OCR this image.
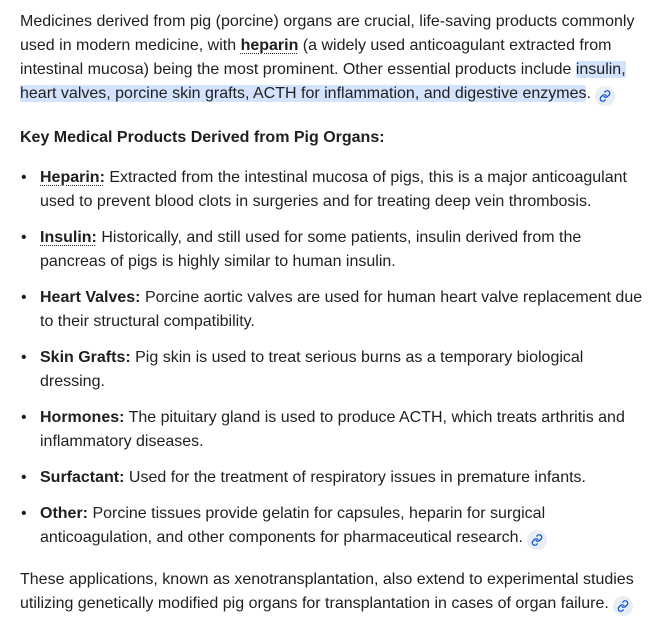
Medicines derived from pig (porcine) organs are crucial, life-saving products commonly used in modern medicine, with heparin (a widely used anticoagulant extracted from intestinal mucosa) being the most prominent. Other essential products include insulin, heart valves, porcine skin grafts, ACTH for inflammation, and digestive enzymes.

Key Medical Products Derived from Pig Organs:

• Heparin: Extracted from the intestinal mucosa of pigs, this is a major anticoagulant used to prevent blood clots in surgeries and for treating deep vein thrombosis.
• Insulin: Historically, and still used for some patients, insulin derived from the pancreas of pigs is highly similar to human insulin.
• Heart Valves: Porcine aortic valves are used for human heart valve replacement due to their structural compatibility.
• Skin Grafts: Pig skin is used to treat serious burns as a temporary biological dressing.
• Hormones: The pituitary gland is used to produce ACTH, which treats arthritis and inflammatory diseases.
• Surfactant: Used for the treatment of respiratory issues in premature infants.
• Other: Porcine tissues provide gelatin for capsules, heparin for surgical anticoagulation, and other components for pharmaceutical research.

These applications, known as xenotransplantation, also extend to experimental studies utilizing genetically modified pig organs for transplantation in cases of organ failure.
